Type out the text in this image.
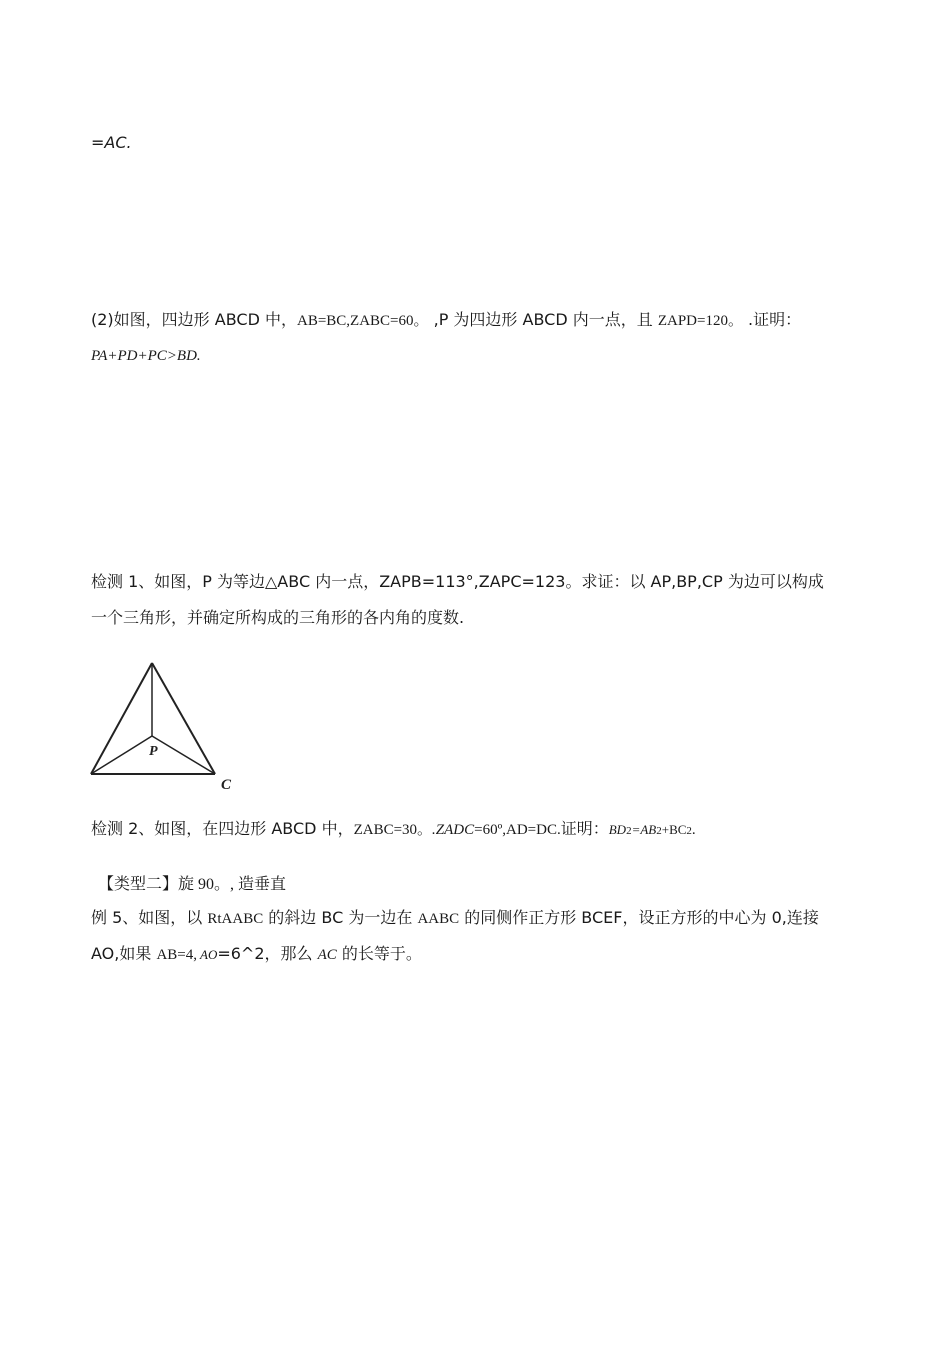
=AC.
(2)如图，四边形 ABCD 中，AB=BC,ZABC=60。 ,P 为四边形 ABCD 内一点，且 ZAPD=120。 .证明：
PA+PD+PC>BD.
检测 1、如图，P 为等边△ABC 内一点，ZAPB=113°,ZAPC=123。求证：以 AP,BP,CP 为边可以构成
一个三角形，并确定所构成的三角形的各内角的度数.
P
C
检测 2、如图，在四边形 ABCD 中，ZABC=30。.ZADC=60º,AD=DC.证明：BD2=AB2+BC2.
【类型二】旋 90。, 造垂直
例 5、如图，以 RtAABC 的斜边 BC 为一边在 AABC 的同侧作正方形 BCEF，设正方形的中心为 0,连接
AO,如果 AB=4, AO=6^2，那么 AC 的长等于。
